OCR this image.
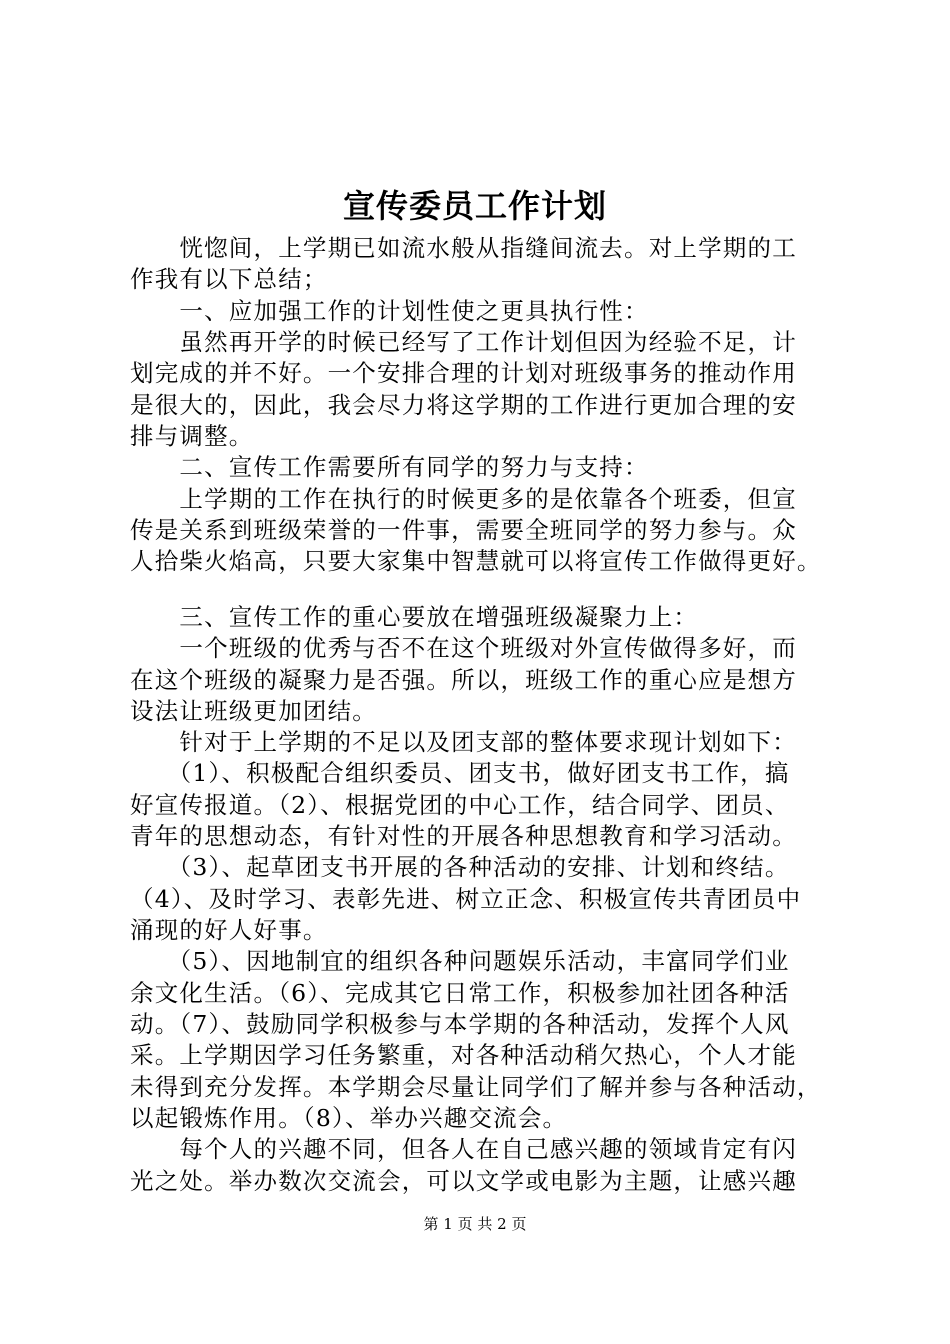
宣传委员工作计划
　　恍惚间，上学期已如流水般从指缝间流去。对上学期的工
作我有以下总结；
　　一、应加强工作的计划性使之更具执行性：
　　虽然再开学的时候已经写了工作计划但因为经验不足，计
划完成的并不好。一个安排合理的计划对班级事务的推动作用
是很大的，因此，我会尽力将这学期的工作进行更加合理的安
排与调整。
　　二、宣传工作需要所有同学的努力与支持：
　　上学期的工作在执行的时候更多的是依靠各个班委，但宣
传是关系到班级荣誉的一件事，需要全班同学的努力参与。众
人拾柴火焰高，只要大家集中智慧就可以将宣传工作做得更好。
　　三、宣传工作的重心要放在增强班级凝聚力上：
　　一个班级的优秀与否不在这个班级对外宣传做得多好，而
在这个班级的凝聚力是否强。所以，班级工作的重心应是想方
设法让班级更加团结。
　　针对于上学期的不足以及团支部的整体要求现计划如下：
　　（1）、积极配合组织委员、团支书，做好团支书工作，搞
好宣传报道。（2）、根据党团的中心工作，结合同学、团员、
青年的思想动态，有针对性的开展各种思想教育和学习活动。
　　（3）、起草团支书开展的各种活动的安排、计划和终结。
（4）、及时学习、表彰先进、树立正念、积极宣传共青团员中
涌现的好人好事。
　　（5）、因地制宜的组织各种问题娱乐活动，丰富同学们业
余文化生活。（6）、完成其它日常工作，积极参加社团各种活
动。（7）、鼓励同学积极参与本学期的各种活动，发挥个人风
采。上学期因学习任务繁重，对各种活动稍欠热心，个人才能
未得到充分发挥。本学期会尽量让同学们了解并参与各种活动，
以起锻炼作用。（8）、举办兴趣交流会。
　　每个人的兴趣不同，但各人在自己感兴趣的领域肯定有闪
光之处。举办数次交流会，可以文学或电影为主题，让感兴趣
第 1 页 共 2 页
